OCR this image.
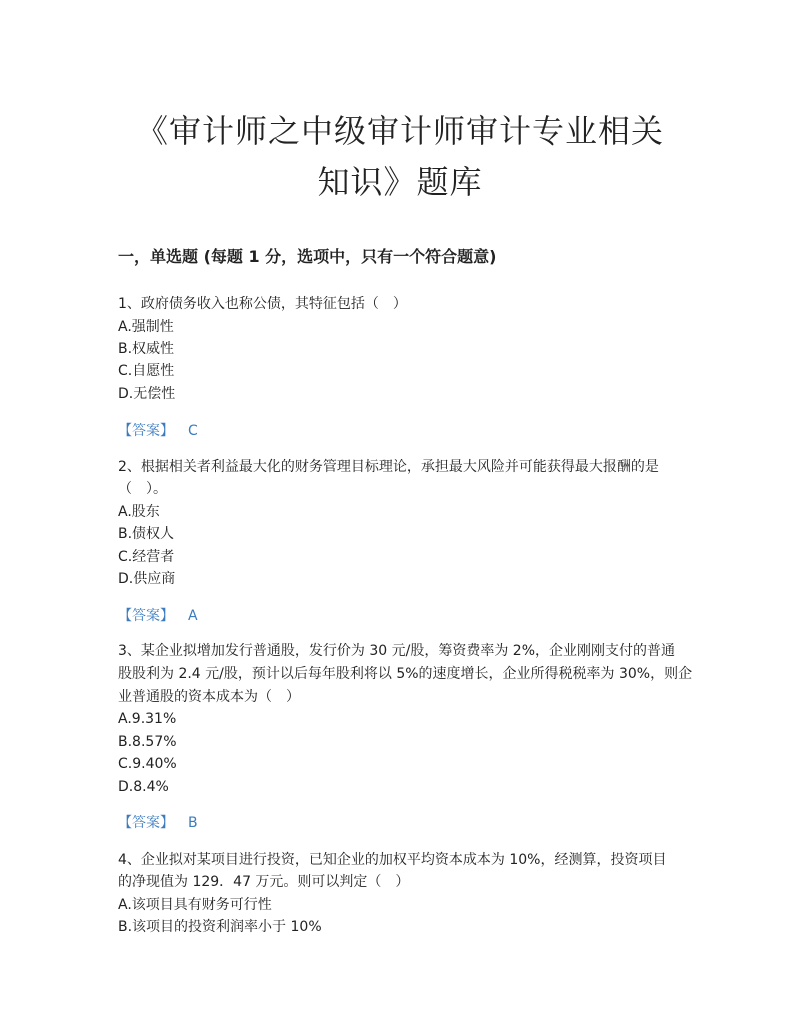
《审计师之中级审计师审计专业相关
知识》题库
一，单选题 (每题 1 分，选项中，只有一个符合题意)
1、政府债务收入也称公债，其特征包括（　）
A.强制性
B.权威性
C.自愿性
D.无偿性
【答案】 C
2、根据相关者利益最大化的财务管理目标理论，承担最大风险并可能获得最大报酬的是
（　）。
A.股东
B.债权人
C.经营者
D.供应商
【答案】 A
3、某企业拟增加发行普通股，发行价为 30 元/股，筹资费率为 2%，企业刚刚支付的普通
股股利为 2.4 元/股，预计以后每年股利将以 5%的速度增长，企业所得税税率为 30%，则企
业普通股的资本成本为（　）
A.9.31%
B.8.57%
C.9.40%
D.8.4%
【答案】 B
4、企业拟对某项目进行投资，已知企业的加权平均资本成本为 10%，经测算，投资项目
的净现值为 129．47 万元。则可以判定（　）
A.该项目具有财务可行性
B.该项目的投资利润率小于 10%
